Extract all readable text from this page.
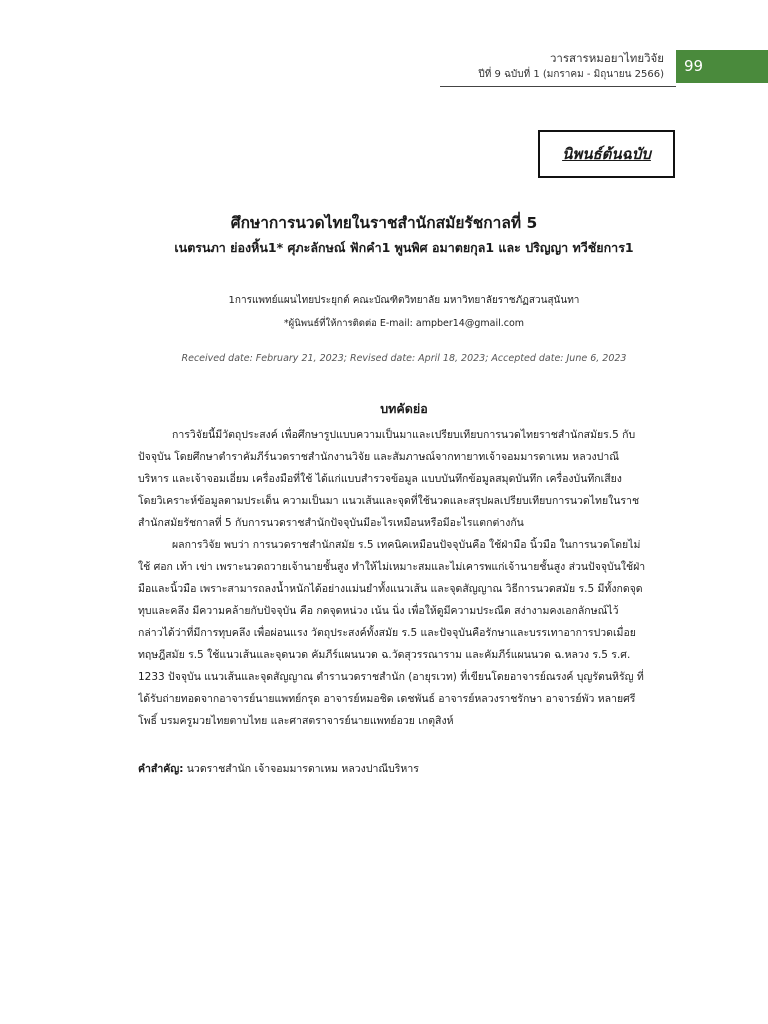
วารสารหมอยาไทยวิจัย
ปีที่ 9 ฉบับที่ 1 (มกราคม - มิถุนายน 2566)	99
นิพนธ์ต้นฉบับ
ศึกษาการนวดไทยในราชสำนักสมัยรัชกาลที่ 5
เนตรนภา ย่องหิ้น1* ศุภะลักษณ์ ฟักคำ1 พูนพิศ อมาตยกุล1 และ ปริญญา ทวีชัยการ1
1การแพทย์แผนไทยประยุกต์ คณะบัณฑิตวิทยาลัย มหาวิทยาลัยราชภัฏสวนสุนันทา
*ผู้นิพนธ์ที่ให้การติดต่อ E-mail: ampber14@gmail.com
Received date: February 21, 2023; Revised date: April 18, 2023; Accepted date: June 6, 2023
บทคัดย่อ
การวิจัยนี้มีวัตถุประสงค์ เพื่อศึกษารูปแบบความเป็นมาและเปรียบเทียบการนวดไทยราชสำนักสมัยร.5 กับ
ปัจจุบัน โดยศึกษาตำราคัมภีร์นวดราชสำนักงานวิจัย และสัมภาษณ์จากทายาทเจ้าจอมมารดาเหม หลวงปาณี
บริหาร และเจ้าจอมเอี่ยม เครื่องมือที่ใช้ ได้แก่แบบสำรวจข้อมูล แบบบันทึกข้อมูลสมุดบันทึก เครื่องบันทึกเสียง
โดยวิเคราะห์ข้อมูลตามประเด็น ความเป็นมา แนวเส้นและจุดที่ใช้นวดและสรุปผลเปรียบเทียบการนวดไทยในราช
สำนักสมัยรัชกาลที่ 5 กับการนวดราชสำนักปัจจุบันมีอะไรเหมือนหรือมีอะไรแตกต่างกัน
ผลการวิจัย พบว่า การนวดราชสำนักสมัย ร.5 เทคนิคเหมือนปัจจุบันคือ ใช้ฝ่ามือ นิ้วมือ ในการนวดโดยไม่
ใช้ ศอก เท้า เข่า เพราะนวดถวายเจ้านายชั้นสูง ทำให้ไม่เหมาะสมและไม่เคารพแก่เจ้านายชั้นสูง ส่วนปัจจุบันใช้ฝ่า
มือและนิ้วมือ เพราะสามารถลงน้ำหนักได้อย่างแม่นยำทั้งแนวเส้น และจุดสัญญาณ วิธีการนวดสมัย ร.5 มีทั้งกดจุด
ทุบและคลึง มีความคล้ายกับปัจจุบัน คือ กดจุดหน่วง เน้น นิ่ง เพื่อให้ดูมีความประณีต สง่างามคงเอกลักษณ์ไว้
กล่าวได้ว่าที่มีการทุบคลึง เพื่อผ่อนแรง วัตถุประสงค์ทั้งสมัย ร.5 และปัจจุบันคือรักษาและบรรเทาอาการปวดเมื่อย
ทฤษฎีสมัย ร.5 ใช้แนวเส้นและจุดนวด คัมภีร์แผนนวด ฉ.วัดสุวรรณาราม และคัมภีร์แผนนวด ฉ.หลวง ร.5 ร.ศ.
1233 ปัจจุบัน แนวเส้นและจุดสัญญาณ ตำรานวดราชสำนัก (อายุรเวท) ที่เขียนโดยอาจารย์ณรงค์ บุญรัตนหิรัญ ที่
ได้รับถ่ายทอดจากอาจารย์นายแพทย์กรุด อาจารย์หมอชิด เดชพันธ์ อาจารย์หลวงราชรักษา อาจารย์พัว หลายศรี
โพธิ์ บรมครูมวยไทยตาบไทย และศาสตราจารย์นายแพทย์อวย เกตุสิงห์
คำสำคัญ: นวดราชสำนัก เจ้าจอมมารดาเหม หลวงปาณีบริหาร
